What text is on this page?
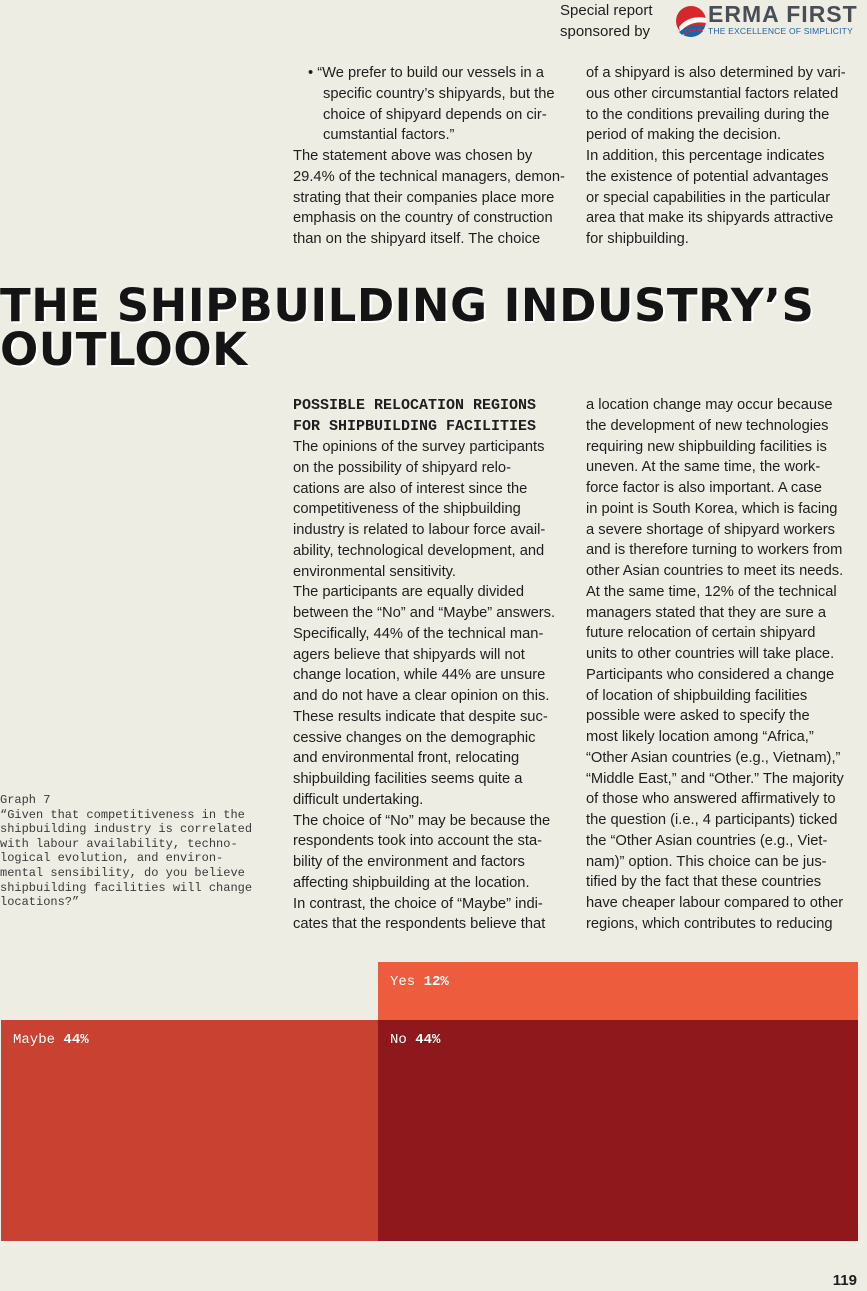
Special report
sponsored by
ERMA FIRST
THE EXCELLENCE OF SIMPLICITY
• “We prefer to build our vessels in a
specific country’s shipyards, but the
choice of shipyard depends on cir-
cumstantial factors.”
The statement above was chosen by
29.4% of the technical managers, demon-
strating that their companies place more
emphasis on the country of construction
than on the shipyard itself. The choice
of a shipyard is also determined by vari-
ous other circumstantial factors related
to the conditions prevailing during the
period of making the decision.
In addition, this percentage indicates
the existence of potential advantages
or special capabilities in the particular
area that make its shipyards attractive
for shipbuilding.
THE SHIPBUILDING INDUSTRY’S
OUTLOOK
POSSIBLE RELOCATION REGIONS
FOR SHIPBUILDING FACILITIES
The opinions of the survey participants
on the possibility of shipyard relo-
cations are also of interest since the
competitiveness of the shipbuilding
industry is related to labour force avail-
ability, technological development, and
environmental sensitivity.
The participants are equally divided
between the “No” and “Maybe” answers.
Specifically, 44% of the technical man-
agers believe that shipyards will not
change location, while 44% are unsure
and do not have a clear opinion on this.
These results indicate that despite suc-
cessive changes on the demographic
and environmental front, relocating
shipbuilding facilities seems quite a
difficult undertaking.
The choice of “No” may be because the
respondents took into account the sta-
bility of the environment and factors
affecting shipbuilding at the location.
In contrast, the choice of “Maybe” indi-
cates that the respondents believe that
a location change may occur because
the development of new technologies
requiring new shipbuilding facilities is
uneven. At the same time, the work-
force factor is also important. A case
in point is South Korea, which is facing
a severe shortage of shipyard workers
and is therefore turning to workers from
other Asian countries to meet its needs.
At the same time, 12% of the technical
managers stated that they are sure a
future relocation of certain shipyard
units to other countries will take place.
Participants who considered a change
of location of shipbuilding facilities
possible were asked to specify the
most likely location among “Africa,”
“Other Asian countries (e.g., Vietnam),”
“Middle East,” and “Other.” The majority
of those who answered affirmatively to
the question (i.e., 4 participants) ticked
the “Other Asian countries (e.g., Viet-
nam)” option. This choice can be jus-
tified by the fact that these countries
have cheaper labour compared to other
regions, which contributes to reducing
Graph 7
“Given that competitiveness in the
shipbuilding industry is correlated
with labour availability, techno-
logical evolution, and environ-
mental sensibility, do you believe
shipbuilding facilities will change
locations?”
Maybe 44%
Yes 12%
No 44%
119
